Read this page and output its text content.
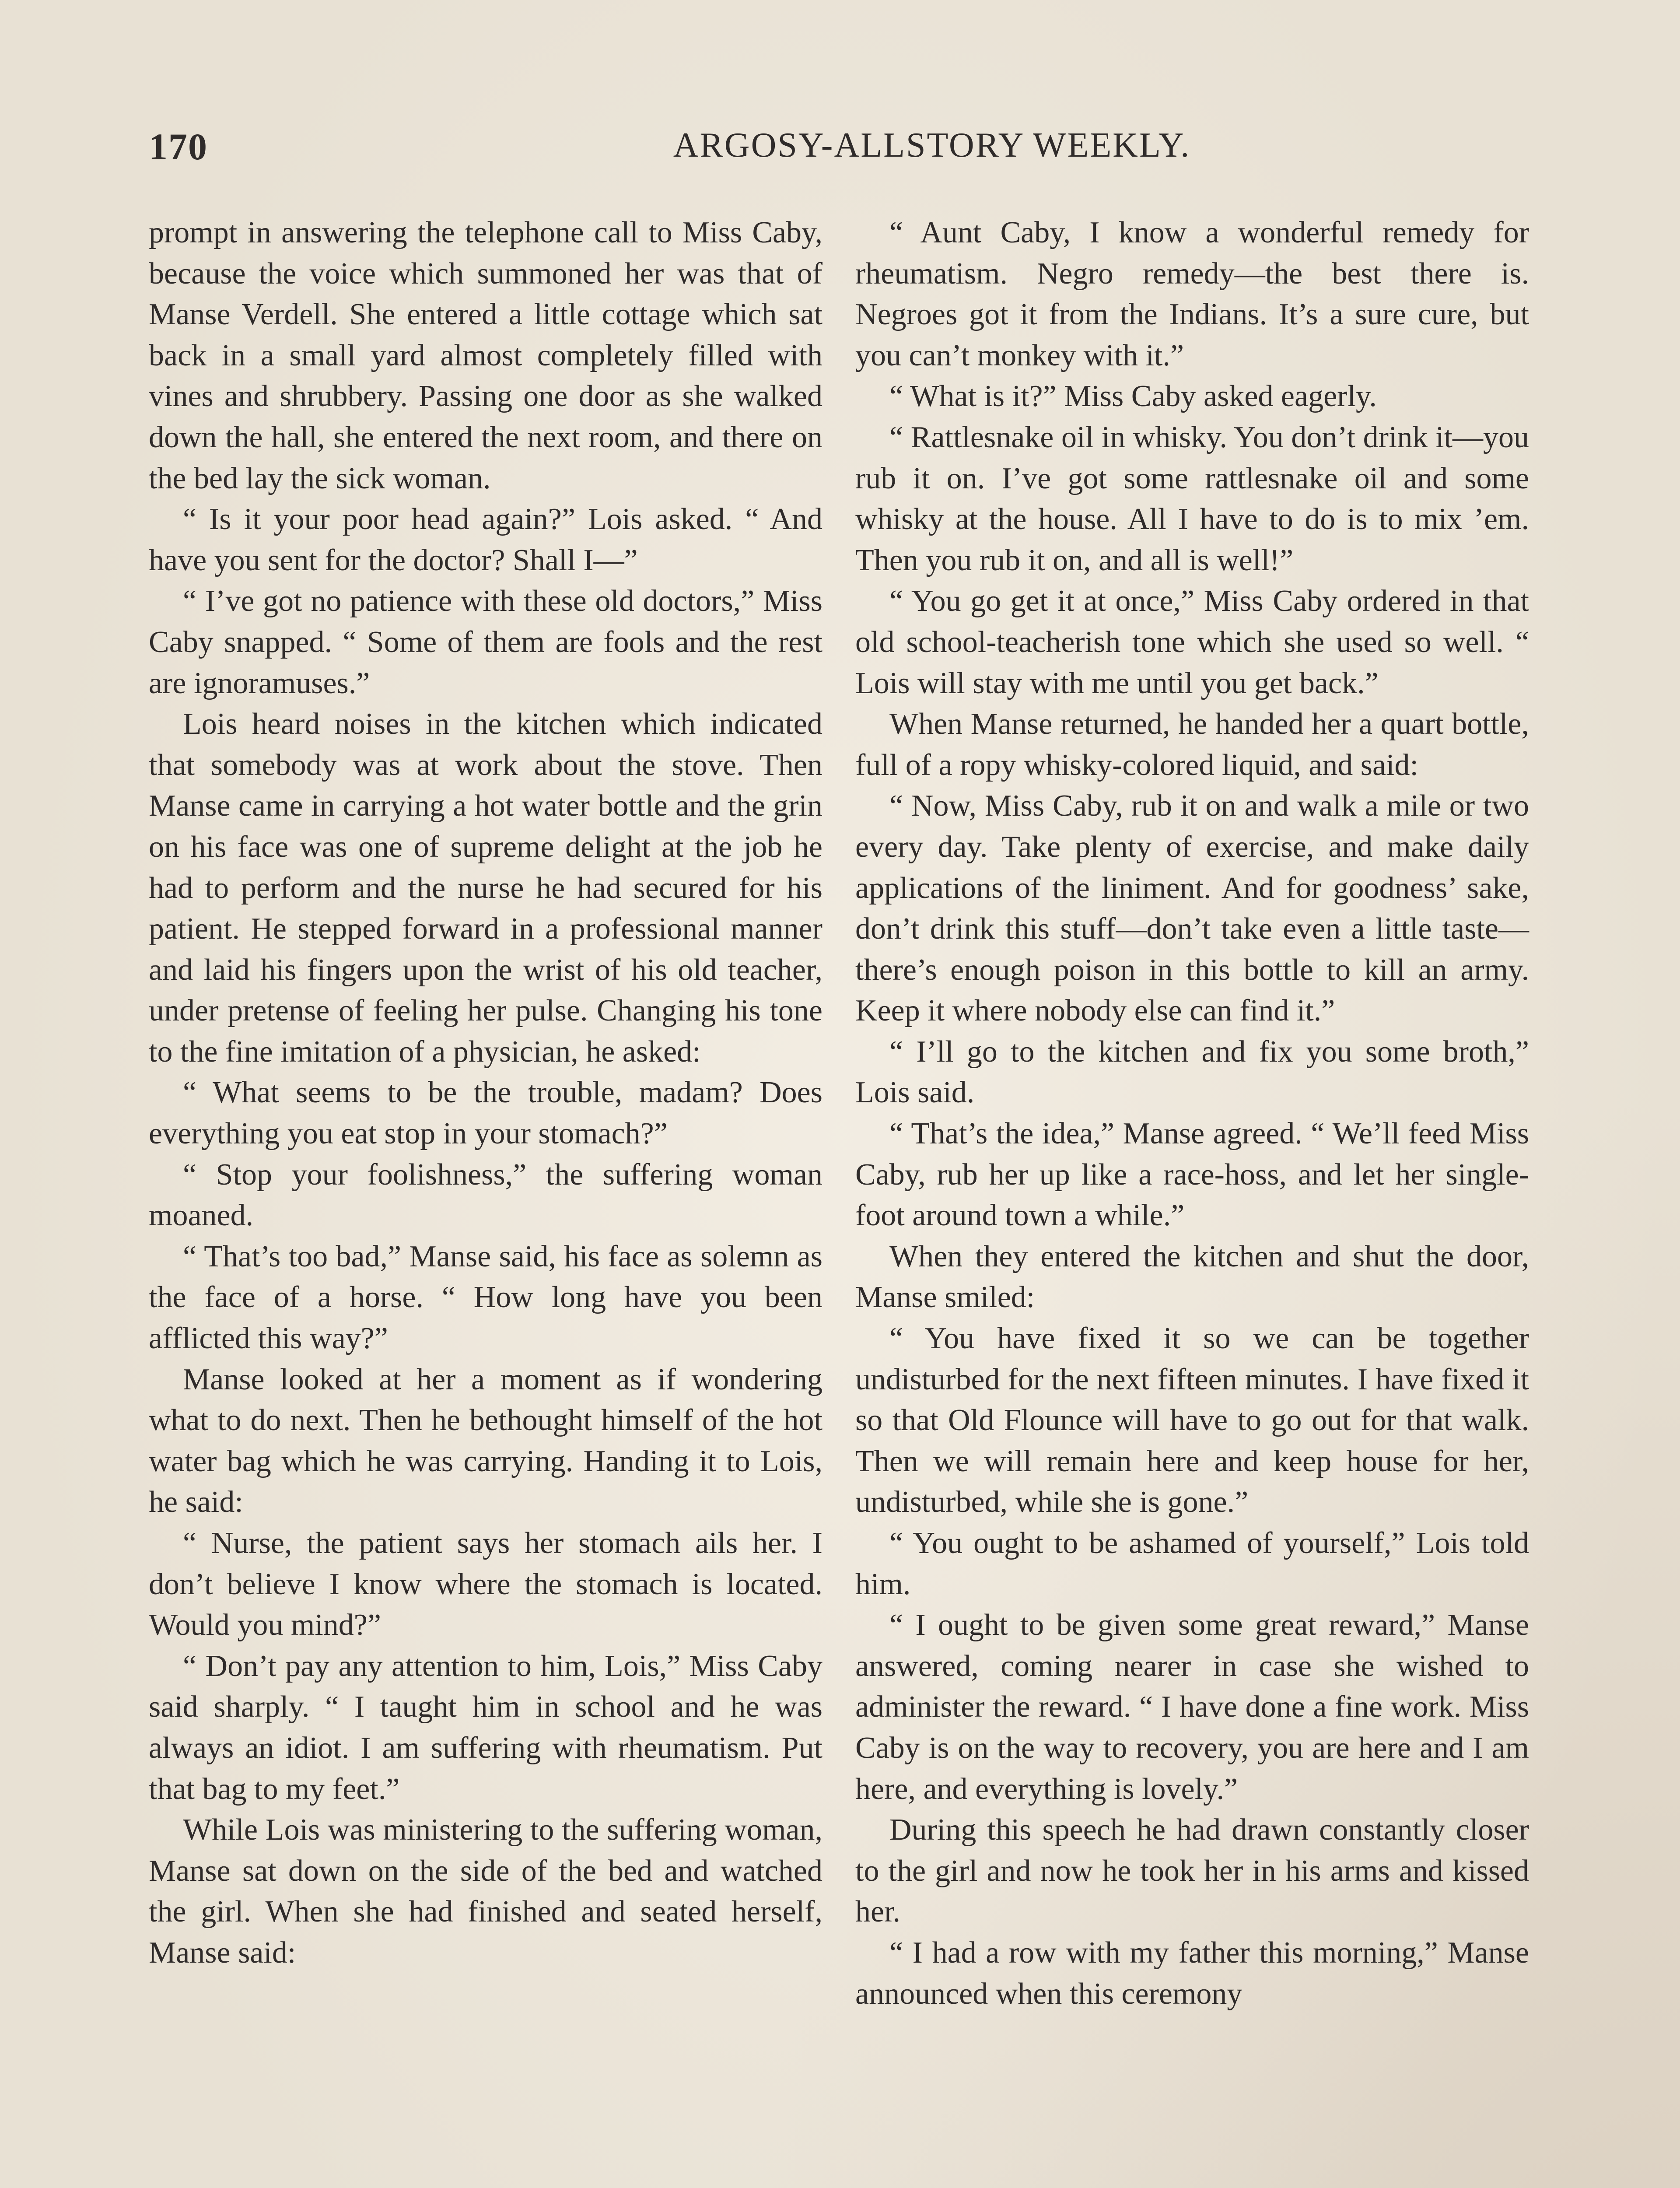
170	ARGOSY-ALLSTORY WEEKLY.

prompt in answering the telephone call to Miss Caby, because the voice which summoned her was that of Manse Verdell. She entered a little cottage which sat back in a small yard almost completely filled with vines and shrubbery. Passing one door as she walked down the hall, she entered the next room, and there on the bed lay the sick woman.

“ Is it your poor head again?” Lois asked. “ And have you sent for the doctor? Shall I—”

“ I’ve got no patience with these old doctors,” Miss Caby snapped. “ Some of them are fools and the rest are ignoramuses.”

Lois heard noises in the kitchen which indicated that somebody was at work about the stove. Then Manse came in carrying a hot water bottle and the grin on his face was one of supreme delight at the job he had to perform and the nurse he had secured for his patient. He stepped forward in a professional manner and laid his fingers upon the wrist of his old teacher, under pretense of feeling her pulse. Changing his tone to the fine imitation of a physician, he asked:

“ What seems to be the trouble, madam? Does everything you eat stop in your stomach?”

“ Stop your foolishness,” the suffering woman moaned.

“ That’s too bad,” Manse said, his face as solemn as the face of a horse. “ How long have you been afflicted this way?”

Manse looked at her a moment as if wondering what to do next. Then he bethought himself of the hot water bag which he was carrying. Handing it to Lois, he said:

“ Nurse, the patient says her stomach ails her. I don’t believe I know where the stomach is located. Would you mind?”

“ Don’t pay any attention to him, Lois,” Miss Caby said sharply. “ I taught him in school and he was always an idiot. I am suffering with rheumatism. Put that bag to my feet.”

While Lois was ministering to the suffering woman, Manse sat down on the side of the bed and watched the girl. When she had finished and seated herself, Manse said:

“ Aunt Caby, I know a wonderful remedy for rheumatism. Negro remedy—the best there is. Negroes got it from the Indians. It’s a sure cure, but you can’t monkey with it.”

“ What is it?” Miss Caby asked eagerly.

“ Rattlesnake oil in whisky. You don’t drink it—you rub it on. I’ve got some rattlesnake oil and some whisky at the house. All I have to do is to mix ’em. Then you rub it on, and all is well!”

“ You go get it at once,” Miss Caby ordered in that old school-teacherish tone which she used so well. “ Lois will stay with me until you get back.”

When Manse returned, he handed her a quart bottle, full of a ropy whisky-colored liquid, and said:

“ Now, Miss Caby, rub it on and walk a mile or two every day. Take plenty of exercise, and make daily applications of the liniment. And for goodness’ sake, don’t drink this stuff—don’t take even a little taste—there’s enough poison in this bottle to kill an army. Keep it where nobody else can find it.”

“ I’ll go to the kitchen and fix you some broth,” Lois said.

“ That’s the idea,” Manse agreed. “ We’ll feed Miss Caby, rub her up like a race-hoss, and let her single-foot around town a while.”

When they entered the kitchen and shut the door, Manse smiled:

“ You have fixed it so we can be together undisturbed for the next fifteen minutes. I have fixed it so that Old Flounce will have to go out for that walk. Then we will remain here and keep house for her, undisturbed, while she is gone.”

“ You ought to be ashamed of yourself,” Lois told him.

“ I ought to be given some great reward,” Manse answered, coming nearer in case she wished to administer the reward. “ I have done a fine work. Miss Caby is on the way to recovery, you are here and I am here, and everything is lovely.”

During this speech he had drawn constantly closer to the girl and now he took her in his arms and kissed her.

“ I had a row with my father this morning,” Manse announced when this ceremony
